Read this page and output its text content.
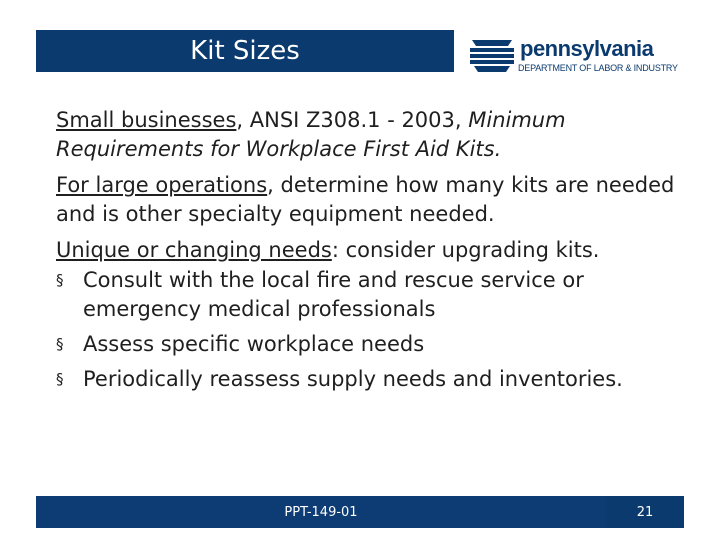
Kit Sizes	pennsylvania
DEPARTMENT OF LABOR & INDUSTRY
Small businesses, ANSI Z308.1 - 2003, Minimum Requirements for Workplace First Aid Kits.
For large operations, determine how many kits are needed and is other specialty equipment needed.
Unique or changing needs: consider upgrading kits.
§ Consult with the local fire and rescue service or emergency medical professionals
§ Assess specific workplace needs
§ Periodically reassess supply needs and inventories.
PPT-149-01	21
